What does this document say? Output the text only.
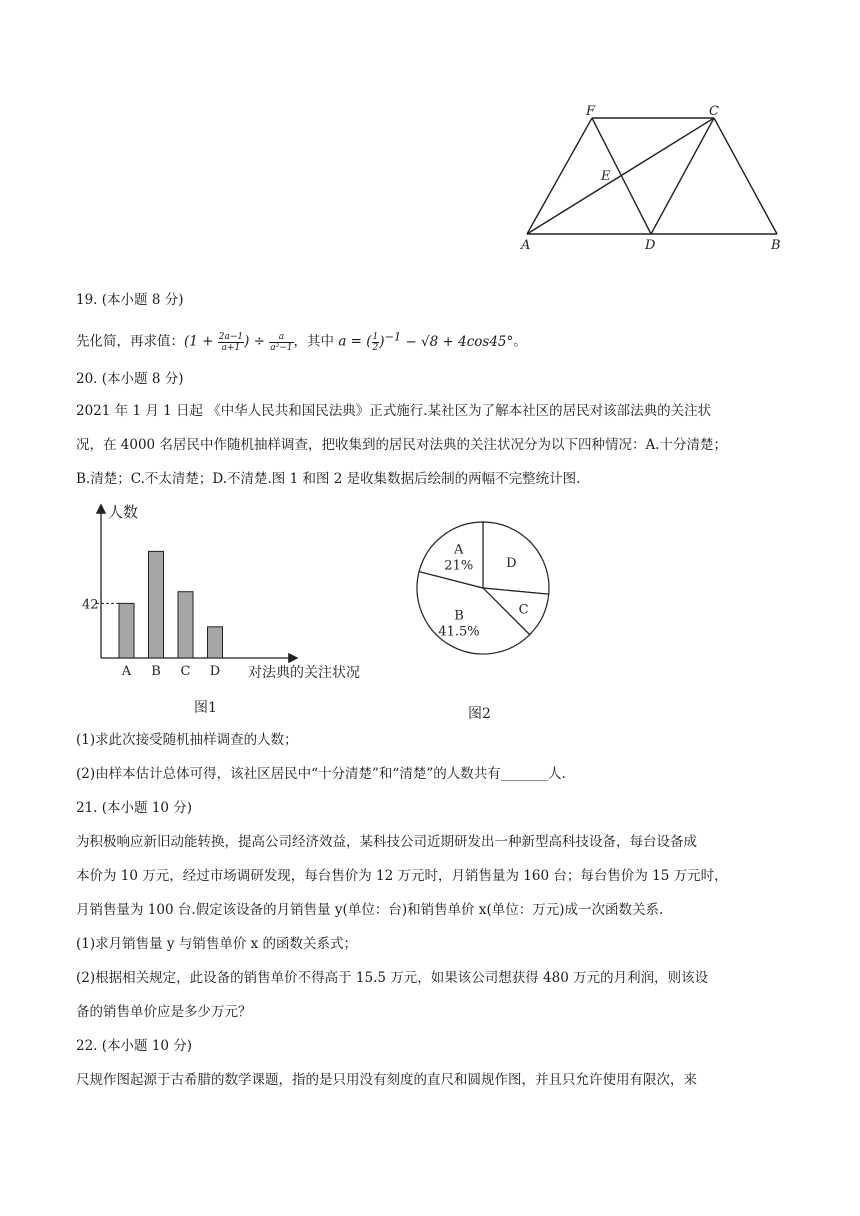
F	C
E
A	D	B
19. (本小题 8 分)
先化简，再求值：($1 + \frac{2a-1}{a+1}$ ) ÷ $\frac{a}{\text{a²−1}}$ ，其中 a = ( $\frac{1}{2} )^{-1} - √8 + 4\cos 45^\circ$。
20. (本小题 8 分)
2021 年 1 月 1 日起 《中华人民共和国民法典》正式施行.某社区为了解本社区的居民对该部法典的关注状
况，在 4000 名居民中作随机抽样调查，把收集到的居民对法典的关注状况分为以下四种情况：A.十分清楚；
B.清楚；C.不太清楚；D.不清楚.图 1 和图 2 是收集数据后绘制的两幅不完整统计图.
人数
对法典的关注状况
42
A B C D
图1
D
C
B
41.5%
A
21%
图2
(1)求此次接受随机抽样调查的人数；
(2)由样本估计总体可得，该社区居民中“十分清楚”和“清楚”的人数共有_______人.
21. (本小题 10 分)
为积极响应新旧动能转换，提高公司经济效益，某科技公司近期研发出一种新型高科技设备，每台设备成
本价为 10 万元，经过市场调研发现，每台售价为 12 万元时，月销售量为 160 台；每台售价为 15 万元时，
月销售量为 100 台.假定该设备的月销售量 y(单位：台)和销售单价 x(单位：万元)成一次函数关系.
(1)求月销售量 y 与销售单价 x 的函数关系式；
(2)根据相关规定，此设备的销售单价不得高于 15.5 万元，如果该公司想获得 480 万元的月利润，则该设
备的销售单价应是多少万元？
22. (本小题 10 分)
尺规作图起源于古希腊的数学课题，指的是只用没有刻度的直尺和圆规作图，并且只允许使用有限次，来
